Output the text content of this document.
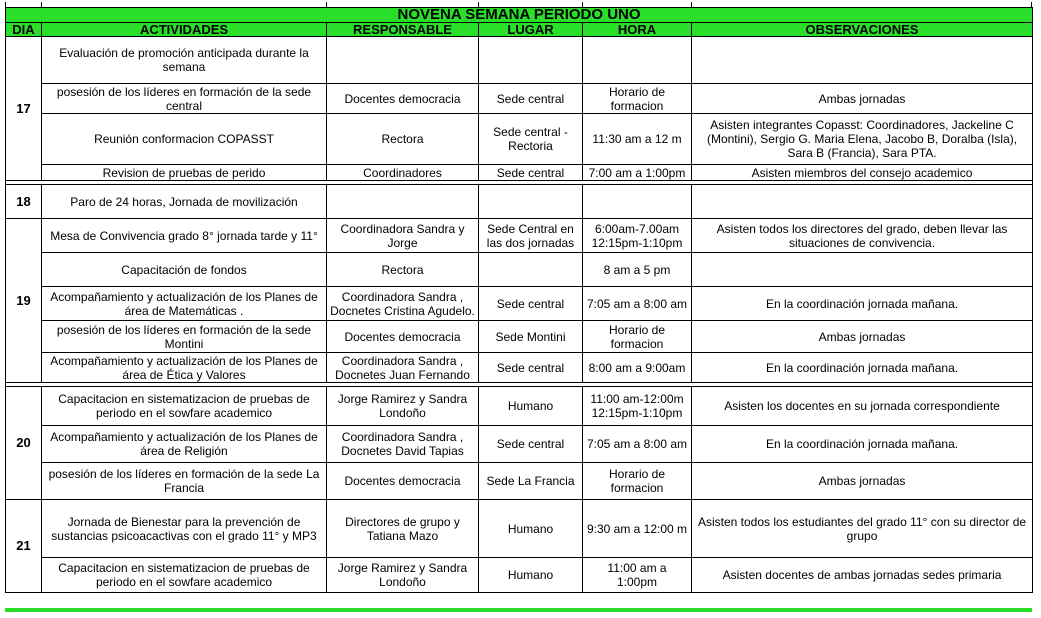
NOVENA SEMANA PERIODO UNO					
DIA	ACTIVIDADES	RESPONSABLE	LUGAR	HORA	OBSERVACIONES
17	Evaluación de promoción anticipada durante la semana				
	posesión de los líderes en formación de la sede central	Docentes democracia	Sede central	Horario de formacion	Ambas jornadas
	Reunión conformacion COPASST	Rectora	Sede central - Rectoria	11:30 am a 12 m	Asisten integrantes Copasst: Coordinadores, Jackeline C (Montini), Sergio G. Maria Elena, Jacobo B, Doralba (Isla), Sara B (Francia), Sara PTA.
	Revision de pruebas de perido	Coordinadores	Sede central	7:00 am a 1:00pm	Asisten miembros del consejo academico

18	Paro de 24 horas, Jornada de movilización				
19	Mesa de Convivencia grado 8° jornada tarde y 11°	Coordinadora Sandra y Jorge	Sede Central en las dos jornadas	6:00am-7.00am 12:15pm-1:10pm	Asisten todos los directores del grado, deben llevar las situaciones de convivencia.
	Capacitación de fondos	Rectora		8 am a 5 pm	
	Acompañamiento y actualización de los Planes de área de Matemáticas .	Coordinadora Sandra , Docnetes Cristina Agudelo.	Sede central	7:05 am a 8:00 am	En la coordinación jornada mañana.
	posesión de los líderes en formación de la sede Montini	Docentes democracia	Sede Montini	Horario de formacion	Ambas jornadas
	Acompañamiento y actualización de los Planes de área de Ética y Valores	Coordinadora Sandra , Docnetes Juan Fernando	Sede central	8:00 am a 9:00am	En la coordinación jornada mañana.

20	Capacitacion en sistematizacion de pruebas de periodo en el sowfare academico	Jorge Ramirez y Sandra Londoño	Humano	11:00 am-12:00m 12:15pm-1:10pm	Asisten los docentes en su jornada correspondiente
	Acompañamiento y actualización de los Planes de área de Religión	Coordinadora Sandra , Docnetes David Tapias	Sede central	7:05 am a 8:00 am	En la coordinación jornada mañana.
	posesión de los líderes en formación de la sede La Francia	Docentes democracia	Sede La Francia	Horario de formacion	Ambas jornadas
21	Jornada de Bienestar para la prevención de sustancias psicoacactivas con el grado 11° y MP3	Directores de grupo y Tatiana Mazo	Humano	9:30 am a 12:00 m	Asisten todos los estudiantes del grado 11° con su director de grupo
	Capacitacion en sistematizacion de pruebas de periodo en el sowfare academico	Jorge Ramirez y Sandra Londoño	Humano	11:00 am a 1:00pm	Asisten docentes de ambas jornadas sedes primaria
